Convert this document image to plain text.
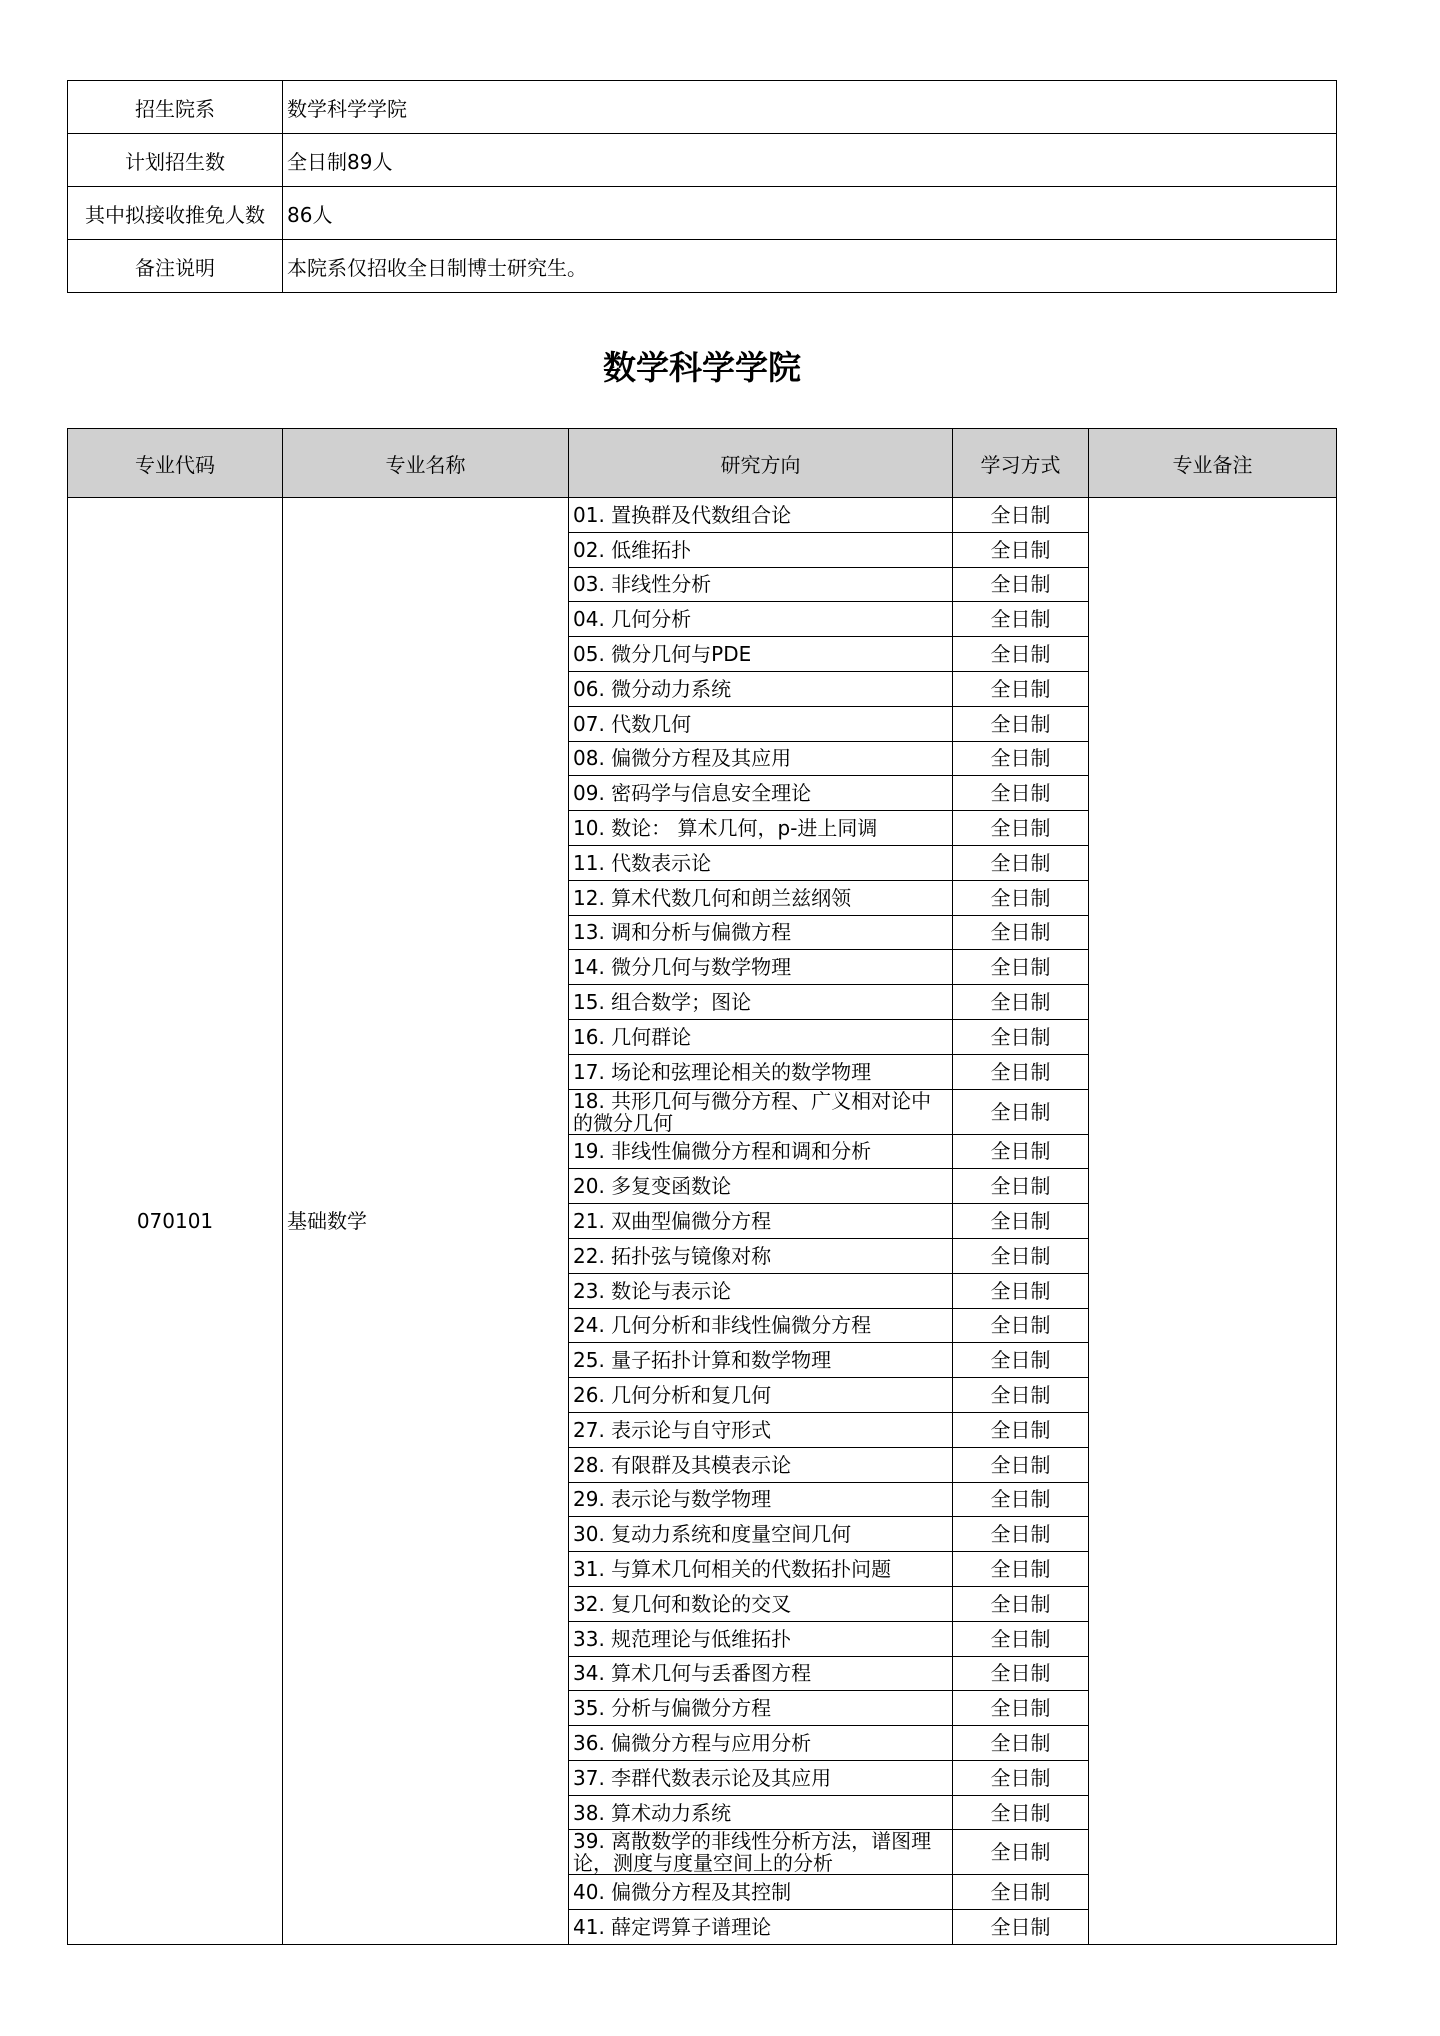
招生院系	数学科学学院
计划招生数	全日制89人
其中拟接收推免人数	86人
备注说明	本院系仅招收全日制博士研究生。
数学科学学院
专业代码	专业名称	研究方向	学习方式	专业备注
070101	基础数学	01. 置换群及代数组合论	全日制	
		02. 低维拓扑	全日制	
		03. 非线性分析	全日制	
		04. 几何分析	全日制	
		05. 微分几何与PDE	全日制	
		06. 微分动力系统	全日制	
		07. 代数几何	全日制	
		08. 偏微分方程及其应用	全日制	
		09. 密码学与信息安全理论	全日制	
		10. 数论： 算术几何，p-进上同调	全日制	
		11. 代数表示论	全日制	
		12. 算术代数几何和朗兰兹纲领	全日制	
		13. 调和分析与偏微方程	全日制	
		14. 微分几何与数学物理	全日制	
		15. 组合数学；图论	全日制	
		16. 几何群论	全日制	
		17. 场论和弦理论相关的数学物理	全日制	
		18. 共形几何与微分方程、广义相对论中的微分几何	全日制	
		19. 非线性偏微分方程和调和分析	全日制	
		20. 多复变函数论	全日制	
		21. 双曲型偏微分方程	全日制	
		22. 拓扑弦与镜像对称	全日制	
		23. 数论与表示论	全日制	
		24. 几何分析和非线性偏微分方程	全日制	
		25. 量子拓扑计算和数学物理	全日制	
		26. 几何分析和复几何	全日制	
		27. 表示论与自守形式	全日制	
		28. 有限群及其模表示论	全日制	
		29. 表示论与数学物理	全日制	
		30. 复动力系统和度量空间几何	全日制	
		31. 与算术几何相关的代数拓扑问题	全日制	
		32. 复几何和数论的交叉	全日制	
		33. 规范理论与低维拓扑	全日制	
		34. 算术几何与丢番图方程	全日制	
		35. 分析与偏微分方程	全日制	
		36. 偏微分方程与应用分析	全日制	
		37. 李群代数表示论及其应用	全日制	
		38. 算术动力系统	全日制	
		39. 离散数学的非线性分析方法，谱图理论，测度与度量空间上的分析	全日制	
		40. 偏微分方程及其控制	全日制	
		41. 薛定谔算子谱理论	全日制	
